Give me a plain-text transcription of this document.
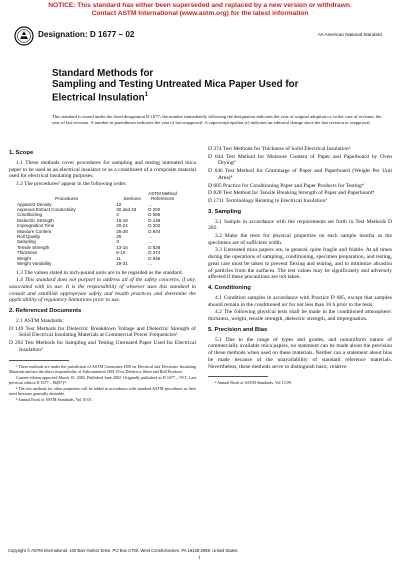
NOTICE: This standard has either been superseded and replaced by a new version or withdrawn.
Contact ASTM International (www.astm.org) for the latest information
Designation: D 1677 – 02	An American National Standard
Standard Methods for
Sampling and Testing Untreated Mica Paper Used for
Electrical Insulation$^1$
This standard is issued under the fixed designation D 1677; the number immediately following the designation indicates the year of original adoption or, in the case of revision, the year of last revision. A number in parentheses indicates the year of last reapproval. A superscript epsilon (ε) indicates an editorial change since the last revision or reapproval.
1. Scope

1.1 These methods cover procedures for sampling and testing untreated mica paper to be used as an electrical insulator or as a constituent of a composite material used for electrical insulating purposes.

1.2 The procedures² appear in the following order:

Procedures	Sections	ASTM Method References
Apparent Density	12	...
Aqueous Extract Conductivity	30 and 33	D 202
Conditioning	4	D 685
Dielectric Strength	16-18	D 149
Impregnation Time	20-24	D 202
Moisture Content	26-28	D 644
Roll Quality	25	...
Sampling	3	...
Tensile Strength	13-15	D 828
Thickness	6-10	D 374
Weight	11	D 646
Weight Variability	29-31	...

1.3 The values stated in inch-pound units are to be regarded as the standard.

1.4 This standard does not purport to address all of the safety concerns, if any, associated with its use. It is the responsibility of whoever uses this standard to consult and establish appropriate safety and health practices and determine the applicability of regulatory limitations prior to use.

2. Referenced Documents

2.1 ASTM Standards:

D 149 Test Methods for Dielectric Breakdown Voltage and Dielectric Strength of Solid Electrical Insulating Materials at Commercial Power Frequencies³

D 202 Test Methods for Sampling and Testing Untreated Paper Used for Electrical Insulation³

¹ These methods are under the jurisdiction of ASTM Committee D09 on Electrical and Electronic Insulating Materials and are the direct responsibility of Subcommittee D09.19 on Dielectric Sheet and Roll Products.

Current edition approved March 10, 2002. Published June 2002. Originally published as D 1677 – 59 T. Last previous edition D 1677 – 86(87)ᵉ¹.

² The test methods for other properties will be added in accordance with standard ASTM procedures as their need becomes generally desirable.

³ Annual Book of ASTM Standards, Vol 10.01.

D 374 Test Methods for Thickness of Solid Electrical Insulation³

D 644 Test Method for Moisture Content of Paper and Paperboard by Oven Drying⁴

D 646 Test Method for Grammage of Paper and Paperboard (Weight Per Unit Area)⁴

D 685 Practice for Conditioning Paper and Paper Products for Testing⁴

D 828 Test Method for Tensile Breaking Strength of Paper and Paperboard⁴

D 1711 Terminology Relating to Electrical Insulation³

3. Sampling

3.1 Sample in accordance with the requirements set forth in Test Methods D 202.

3.2 Make the tests for physical properties on each sample insofar as the specimens are of sufficient width.

3.3 Untreated mica papers are, in general, quite fragile and friable. At all times during the operations of sampling, conditioning, specimen preparation, and testing, great care must be taken to prevent flexing and tearing, and to minimize abrasion of particles from the surfaces. The test values may be significantly and adversely affected if these precautions are not taken.

4. Conditioning

4.1 Condition samples in accordance with Practice D 685, except that samples should remain in the conditioned air for not less than 16 h prior to the tests.

4.2 The following physical tests shall be made in the conditioned atmosphere: thickness, weight, tensile strength, dielectric strength, and impregnation.

5. Precision and Bias

5.1 Due to the range of types and grades, and nonuniform nature of commercially available mica papers, no statement can be made about the precision of these methods when used on these materials. Neither can a statement about bias be made because of the unavailability of standard reference materials. Nevertheless, these methods serve to distinguish basic, relative

⁴ Annual Book of ASTM Standards, Vol 15.09.

Copyright © ASTM International, 100 Barr Harbor Drive, PO Box C700, West Conshohocken, PA 19428-2959, United States.
1
